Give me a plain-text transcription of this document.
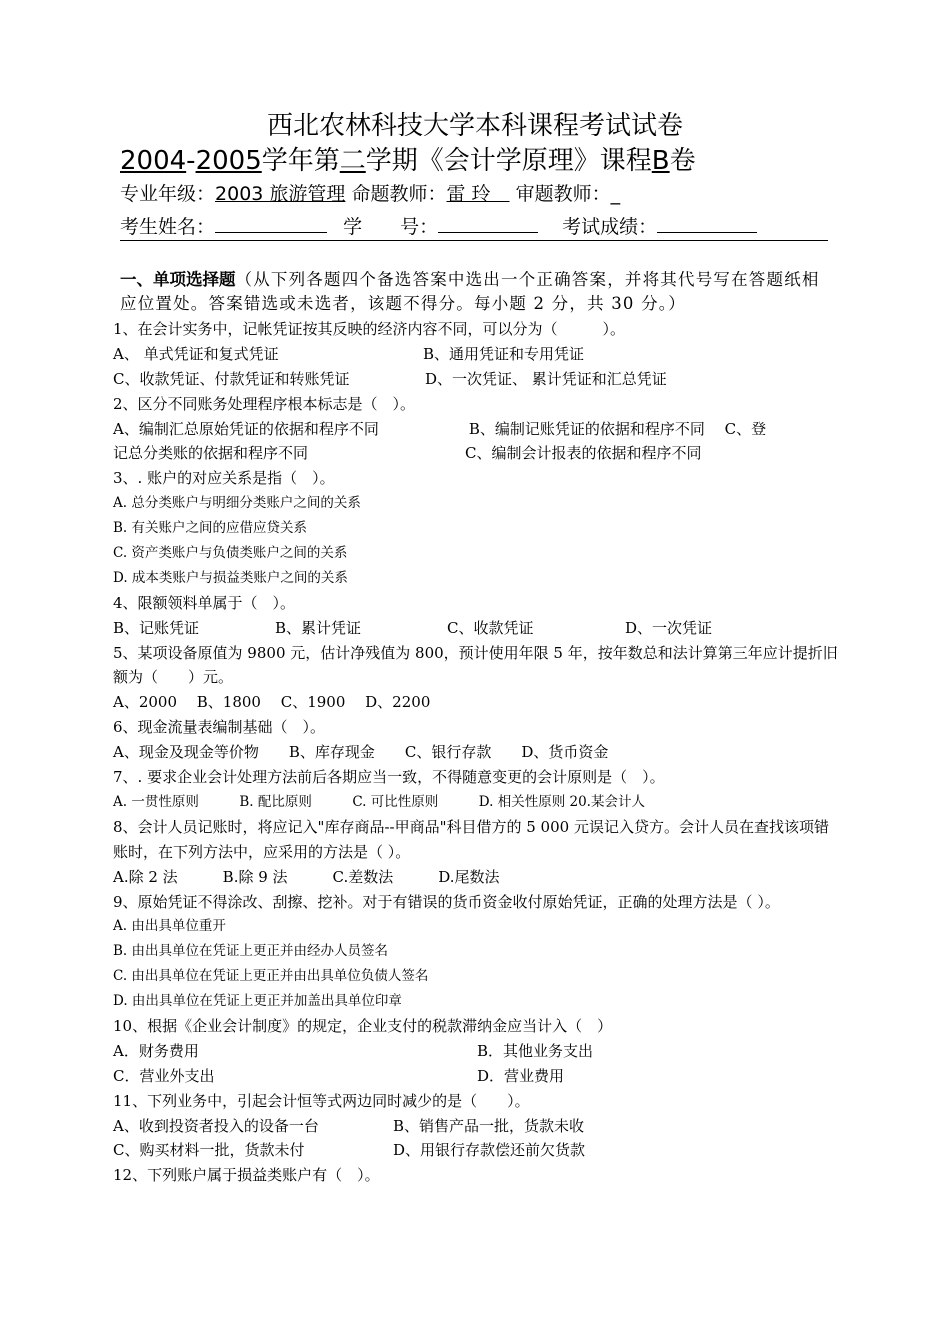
西北农林科技大学本科课程考试试卷
2004-2005学年第二学期《会计学原理》课程B卷
专业年级：2003 旅游管理 命题教师：雷 玲　 审题教师：_
考生姓名：	学　　号：	考试成绩：
一、单项选择题（从下列各题四个备选答案中选出一个正确答案，并将其代号写在答题纸相应位置处。答案错选或未选者，该题不得分。每小题 2 分，共 30 分。）
1、在会计实务中，记帐凭证按其反映的经济内容不同，可以分为（　　　）。
A、 单式凭证和复式凭证	B、通用凭证和专用凭证
C、收款凭证、付款凭证和转账凭证	D、一次凭证、 累计凭证和汇总凭证
2、区分不同账务处理程序根本标志是（　）。
A、编制汇总原始凭证的依据和程序不同　　　　　　B、编制记账凭证的依据和程序不同　 C、登
记总分类账的依据和程序不同	C、编制会计报表的依据和程序不同
3、. 账户的对应关系是指（　）。
A. 总分类账户与明细分类账户之间的关系
B. 有关账户之间的应借应贷关系
C. 资产类账户与负债类账户之间的关系
D. 成本类账户与损益类账户之间的关系
4、限额领料单属于（　）。
B、记账凭证	B、累计凭证	C、收款凭证	D、一次凭证
5、某项设备原值为 9800 元，估计净残值为 800，预计使用年限 5 年，按年数总和法计算第三年应计提折旧额为（　　）元。
A、2000　 B、1800　 C、1900　 D、2200
6、现金流量表编制基础（　）。
A、现金及现金等价物　　B、库存现金　　C、银行存款　　D、货币资金
7、. 要求企业会计处理方法前后各期应当一致，不得随意变更的会计原则是（　）。
A. 一贯性原则　　　B. 配比原则　　　C. 可比性原则　　　D. 相关性原则 20.某会计人
8、会计人员记账时，将应记入"库存商品--甲商品"科目借方的 5 000 元误记入贷方。会计人员在查找该项错账时，在下列方法中，应采用的方法是（ ）。
A.除 2 法　　　B.除 9 法　　　C.差数法　　　D.尾数法
9、原始凭证不得涂改、刮擦、挖补。对于有错误的货币资金收付原始凭证，正确的处理方法是（ ）。
A. 由出具单位重开
B. 由出具单位在凭证上更正并由经办人员签名
C. 由出具单位在凭证上更正并由出具单位负债人签名
D. 由出具单位在凭证上更正并加盖出具单位印章
10、根据《企业会计制度》的规定，企业支付的税款滞纳金应当计入（　）
A．财务费用	B．其他业务支出
C．营业外支出	D．营业费用
11、下列业务中，引起会计恒等式两边同时减少的是（　　）。
A、收到投资者投入的设备一台	B、销售产品一批，货款未收
C、购买材料一批，货款未付	D、用银行存款偿还前欠货款
12、下列账户属于损益类账户有（　）。
